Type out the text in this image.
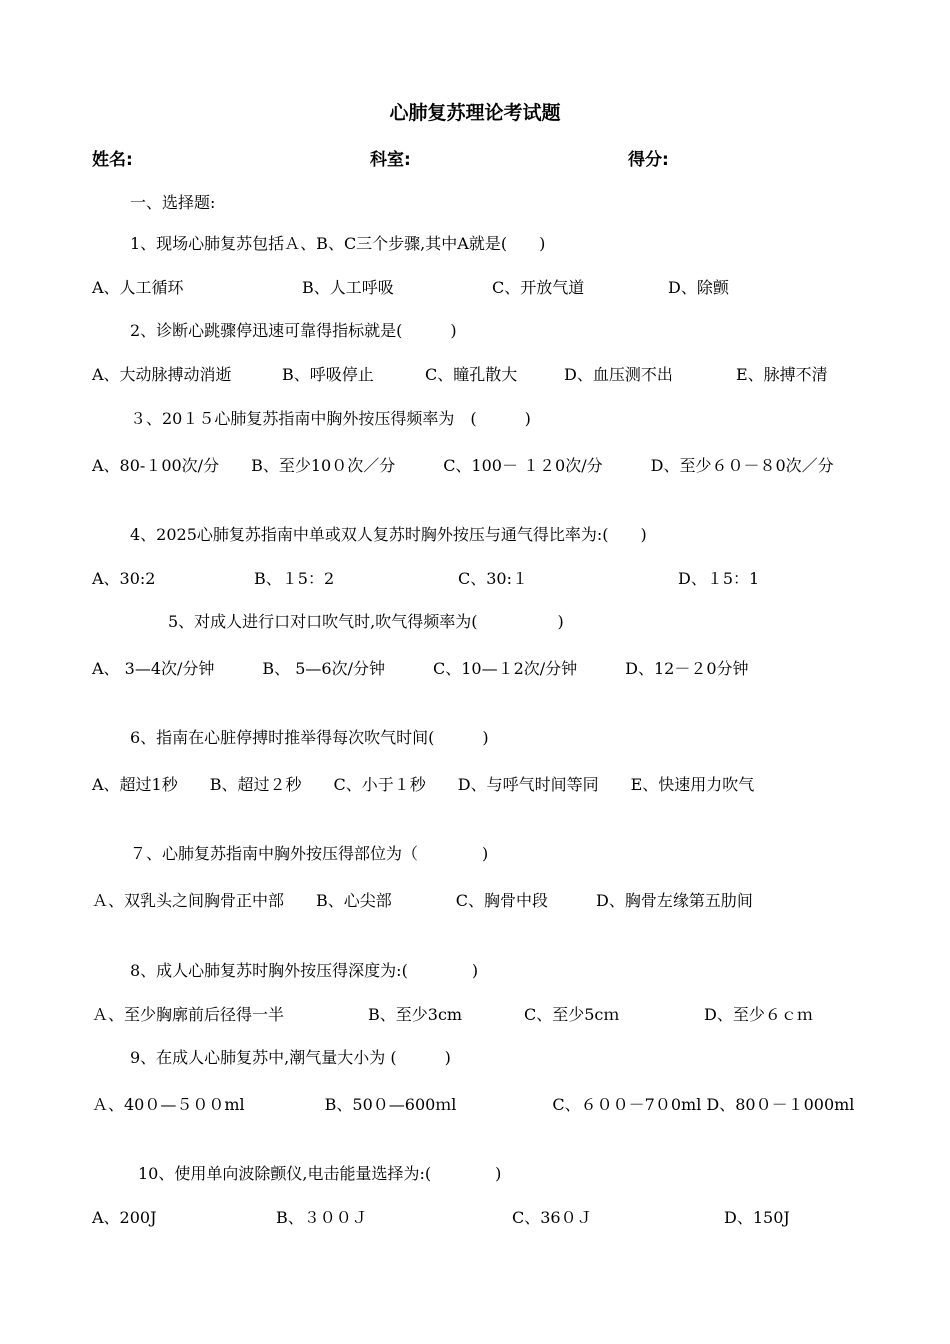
心肺复苏理论考试题
姓名:	科室:	得分:
一、选择题:
1、现场心肺复苏包括Ａ、B、C三个步骤,其中A就是(　　)
A、人工循环	B、人工呼吸	C、开放气道	D、除颤
2、诊断心跳骤停迅速可靠得指标就是(　　　)
A、大动脉搏动消逝	B、呼吸停止	C、瞳孔散大	D、血压测不出	E、脉搏不清
３、20１５心肺复苏指南中胸外按压得频率为　(　　　)
A、80-１00次/分　　B、至少10０次／分　　　C、100－ １２0次/分　　　D、至少６０－８0次／分
4、2025心肺复苏指南中单或双人复苏时胸外按压与通气得比率为:(　　)
A、30:2	B、１5：2	C、30:１	D、１5：1
5、对成人进行口对口吹气时,吹气得频率为(　　　　　)
A、 3—4次/分钟　　　B、 5—6次/分钟　　　C、10—１2次/分钟　　　D、12－２0分钟
6、指南在心脏停搏时推举得每次吹气时间(　　　)
A、超过1秒　　B、超过２秒　　C、小于１秒　　D、与呼气时间等同　　E、快速用力吹气
７、心肺复苏指南中胸外按压得部位为（　　　　)
Ａ、双乳头之间胸骨正中部　　B、心尖部　　　　C、胸骨中段　　　D、胸骨左缘第五肋间
8、成人心肺复苏时胸外按压得深度为:(　　　　)
Ａ、至少胸廓前后径得一半	B、至少3cm	C、至少5cｍ	D、至少６ｃｍ
9、在成人心肺复苏中,潮气量大小为 (　　　)
Ａ、40０—５００ml　　　　　B、50０—600ｍl　　　　　　C、６００－7０0ml D、80０－１000ml
10、使用单向波除颤仪,电击能量选择为:(　　　　)
A、200J	B、３００Ｊ	C、36０Ｊ	D、150J
